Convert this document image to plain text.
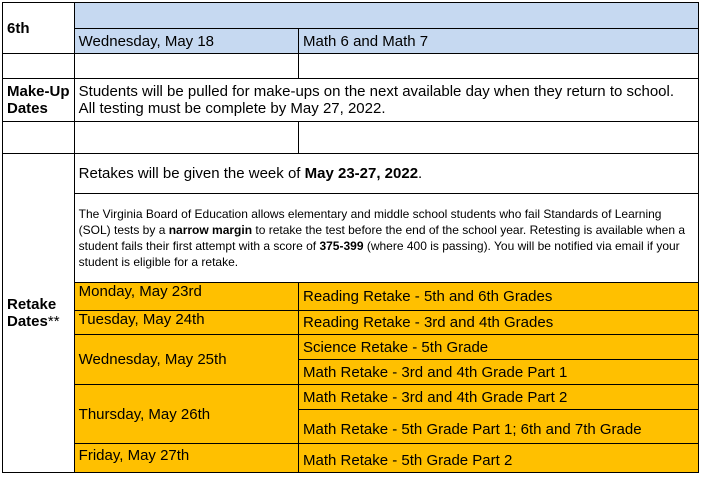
6th		
	Wednesday, May 18	Math 6 and Math 7

Make-Up
Dates	Students will be pulled for make-ups on the next available day when they return to school. All testing must be complete by May 27, 2022.	

Retake
Dates**	Retakes will be given the week of May 23-27, 2022.	
	The Virginia Board of Education allows elementary and middle school students who fail Standards of Learning (SOL) tests by a narrow margin to retake the test before the end of the school year. Retesting is available when a student fails their first attempt with a score of 375-399 (where 400 is passing). You will be notified via email if your student is eligible for a retake.	
	Monday, May 23rd	Reading Retake - 5th and 6th Grades
	Tuesday, May 24th	Reading Retake - 3rd and 4th Grades
	Wednesday, May 25th	Science Retake - 5th Grade
		Math Retake - 3rd and 4th Grade Part 1
	Thursday, May 26th	Math Retake - 3rd and 4th Grade Part 2
		Math Retake - 5th Grade Part 1; 6th and 7th Grade
	Friday, May 27th	Math Retake - 5th Grade Part 2
